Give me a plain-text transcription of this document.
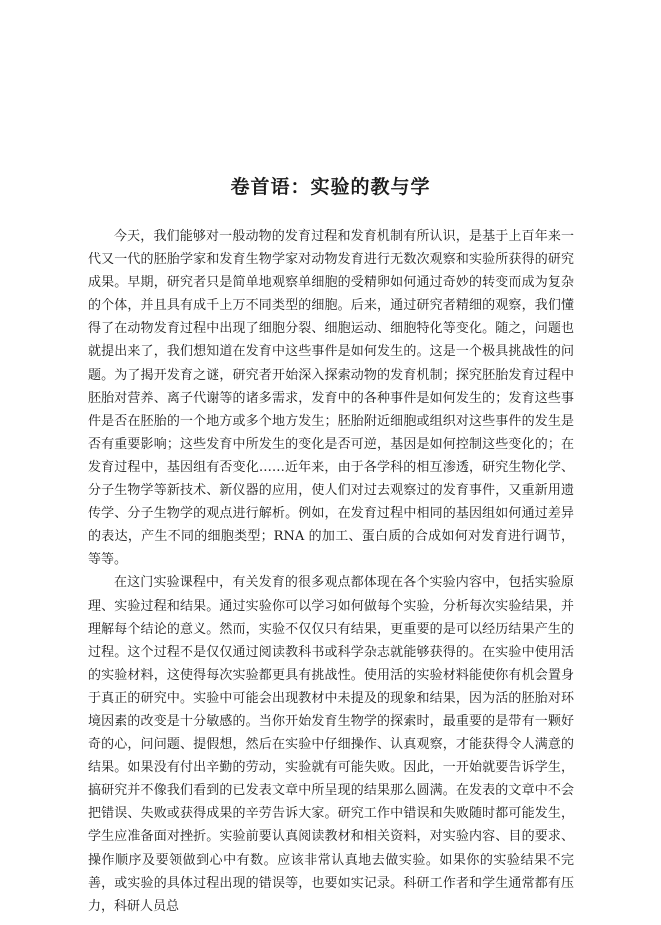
卷首语：实验的教与学

今天，我们能够对一般动物的发育过程和发育机制有所认识，是基于上百年来一代又一代的胚胎学家和发育生物学家对动物发育进行无数次观察和实验所获得的研究成果。早期，研究者只是简单地观察单细胞的受精卵如何通过奇妙的转变而成为复杂的个体，并且具有成千上万不同类型的细胞。后来，通过研究者精细的观察，我们懂得了在动物发育过程中出现了细胞分裂、细胞运动、细胞特化等变化。随之，问题也就提出来了，我们想知道在发育中这些事件是如何发生的。这是一个极具挑战性的问题。为了揭开发育之谜，研究者开始深入探索动物的发育机制；探究胚胎发育过程中胚胎对营养、离子代谢等的诸多需求，发育中的各种事件是如何发生的；发育这些事件是否在胚胎的一个地方或多个地方发生；胚胎附近细胞或组织对这些事件的发生是否有重要影响；这些发育中所发生的变化是否可逆，基因是如何控制这些变化的；在发育过程中，基因组有否变化……近年来，由于各学科的相互渗透，研究生物化学、分子生物学等新技术、新仪器的应用，使人们对过去观察过的发育事件，又重新用遗传学、分子生物学的观点进行解析。例如，在发育过程中相同的基因组如何通过差异的表达，产生不同的细胞类型；RNA 的加工、蛋白质的合成如何对发育进行调节，等等。

在这门实验课程中，有关发育的很多观点都体现在各个实验内容中，包括实验原理、实验过程和结果。通过实验你可以学习如何做每个实验，分析每次实验结果，并理解每个结论的意义。然而，实验不仅仅只有结果，更重要的是可以经历结果产生的过程。这个过程不是仅仅通过阅读教科书或科学杂志就能够获得的。在实验中使用活的实验材料，这使得每次实验都更具有挑战性。使用活的实验材料能使你有机会置身于真正的研究中。实验中可能会出现教材中未提及的现象和结果，因为活的胚胎对环境因素的改变是十分敏感的。当你开始发育生物学的探索时，最重要的是带有一颗好奇的心，问问题、提假想，然后在实验中仔细操作、认真观察，才能获得令人满意的结果。如果没有付出辛勤的劳动，实验就有可能失败。因此，一开始就要告诉学生，搞研究并不像我们看到的已发表文章中所呈现的结果那么圆满。在发表的文章中不会把错误、失败或获得成果的辛劳告诉大家。研究工作中错误和失败随时都可能发生，学生应准备面对挫折。实验前要认真阅读教材和相关资料，对实验内容、目的要求、操作顺序及要领做到心中有数。应该非常认真地去做实验。如果你的实验结果不完善，或实验的具体过程出现的错误等，也要如实记录。科研工作者和学生通常都有压力，科研人员总
